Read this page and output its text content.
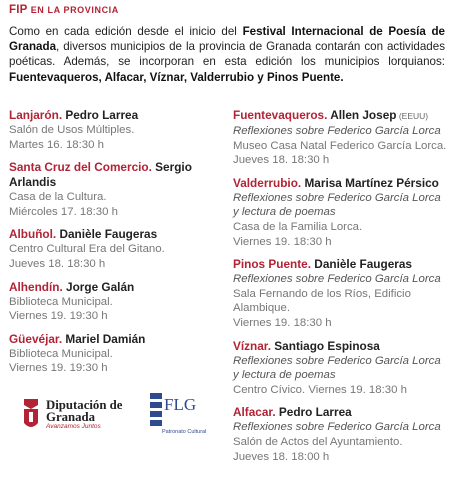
FIP EN LA PROVINCIA
Como en cada edición desde el inicio del Festival Internacional de Poesía de Granada, diversos municipios de la provincia de Granada contarán con actividades poéticas. Además, se incorporan en esta edición los municipios lorquianos: Fuentevaqueros, Alfacar, Víznar, Valderrubio y Pinos Puente.
Lanjarón. Pedro Larrea
Salón de Usos Múltiples.
Martes 16. 18:30 h
Santa Cruz del Comercio. Sergio Arlandis
Casa de la Cultura.
Miércoles 17. 18:30 h
Albuñol. Danièle Faugeras
Centro Cultural Era del Gitano.
Jueves 18. 18:30 h
Alhendín. Jorge Galán
Biblioteca Municipal.
Viernes 19. 19:30 h
Güevéjar. Mariel Damián
Biblioteca Municipal.
Viernes 19. 19:30 h
Fuentevaqueros. Allen Josep (EEUU)
Reflexiones sobre Federico García Lorca
Museo Casa Natal Federico García Lorca.
Jueves 18. 18:30 h
Valderrubio. Marisa Martínez Pérsico
Reflexiones sobre Federico García Lorca
y lectura de poemas
Casa de la Familia Lorca.
Viernes 19. 18:30 h
Pinos Puente. Danièle Faugeras
Reflexiones sobre Federico García Lorca
Sala Fernando de los Ríos, Edificio
Alambique.
Viernes 19. 18:30 h
Víznar. Santiago Espinosa
Reflexiones sobre Federico García Lorca
y lectura de poemas
Centro Cívico. Viernes 19. 18:30 h
Alfacar. Pedro Larrea
Reflexiones sobre Federico García Lorca
Salón de Actos del Ayuntamiento.
Jueves 18. 18:00 h
Diputación de Granada
Avanzamos Juntos
FLG
Patronato Cultural
